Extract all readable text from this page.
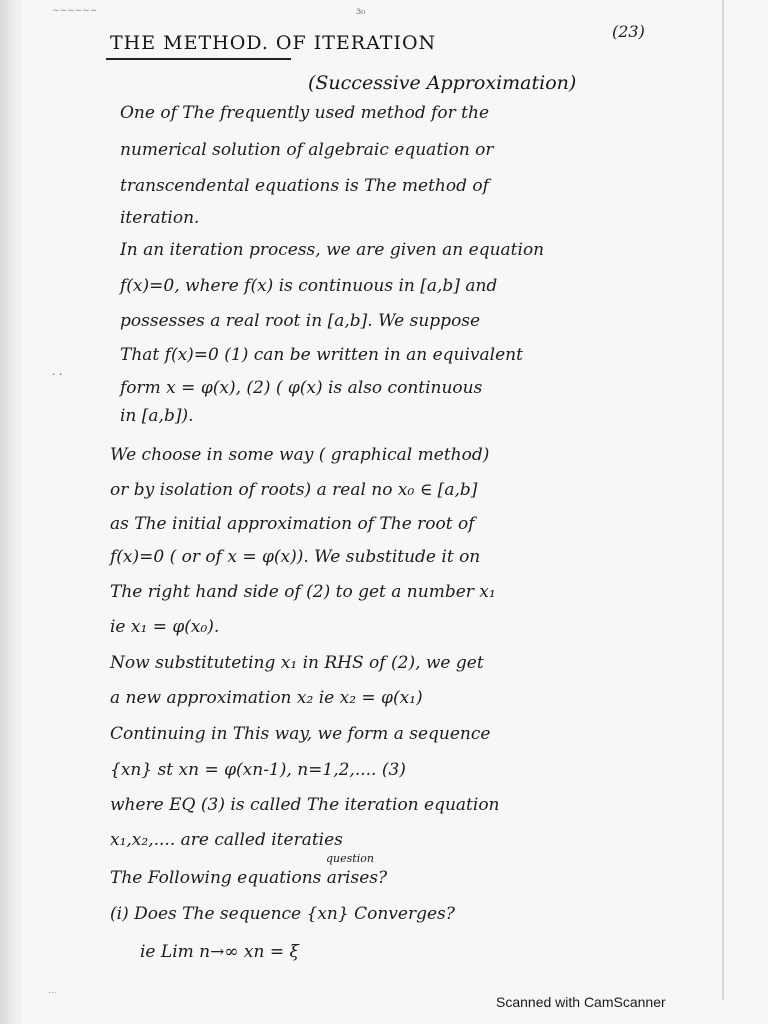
~~~~~~	ɜ₀
(23)
THE METHOD. OF ITERATION
(Successive Approximation)
One of The frequently used method for the
numerical solution of algebraic equation or
transcendental equations is The method of
iteration.
In an iteration process, we are given an equation
f(x)=0, where f(x) is continuous in [a,b] and
possesses a real root in [a,b]. We suppose
That f(x)=0 (1) can be written in an equivalent
form x = φ(x), (2) ( φ(x) is also continuous
in [a,b]).
· ·
We choose in some way ( graphical method)
or by isolation of roots) a real no x₀ ∈ [a,b]
as The initial approximation of The root of
f(x)=0 ( or of x = φ(x)). We substitude it on
The right hand side of (2) to get a number x₁
ie x₁ = φ(x₀).
Now substituteting x₁ in RHS of (2), we get
a new approximation x₂ ie x₂ = φ(x₁)
Continuing in This way, we form a sequence
{xn} st xn = φ(xn-1), n=1,2,.... (3)
where EQ (3) is called The iteration equation
x₁,x₂,.... are called iteraties
question
The Following equations arises?
(i) Does The sequence {xn} Converges?
ie Lim n→∞ xn = ξ
...
Scanned with CamScanner
